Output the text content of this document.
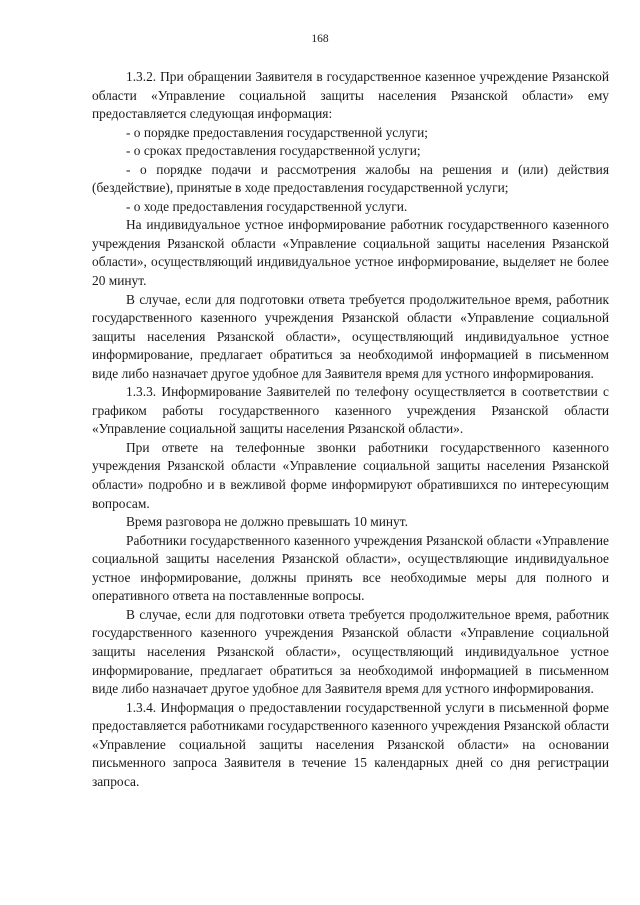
168

1.3.2. При обращении Заявителя в государственное казенное учреждение Рязанской области «Управление социальной защиты населения Рязанской области» ему предоставляется следующая информация:

- о порядке предоставления государственной услуги;

- о сроках предоставления государственной услуги;

- о порядке подачи и рассмотрения жалобы на решения и (или) действия (бездействие), принятые в ходе предоставления государственной услуги;

- о ходе предоставления государственной услуги.

На индивидуальное устное информирование работник государственного казенного учреждения Рязанской области «Управление социальной защиты населения Рязанской области», осуществляющий индивидуальное устное информирование, выделяет не более 20 минут.

В случае, если для подготовки ответа требуется продолжительное время, работник государственного казенного учреждения Рязанской области «Управление социальной защиты населения Рязанской области», осуществляющий индивидуальное устное информирование, предлагает обратиться за необходимой информацией в письменном виде либо назначает другое удобное для Заявителя время для устного информирования.

1.3.3. Информирование Заявителей по телефону осуществляется в соответствии с графиком работы государственного казенного учреждения Рязанской области «Управление социальной защиты населения Рязанской области».

При ответе на телефонные звонки работники государственного казенного учреждения Рязанской области «Управление социальной защиты населения Рязанской области» подробно и в вежливой форме информируют обратившихся по интересующим вопросам.

Время разговора не должно превышать 10 минут.

Работники государственного казенного учреждения Рязанской области «Управление социальной защиты населения Рязанской области», осуществляющие индивидуальное устное информирование, должны принять все необходимые меры для полного и оперативного ответа на поставленные вопросы.

В случае, если для подготовки ответа требуется продолжительное время, работник государственного казенного учреждения Рязанской области «Управление социальной защиты населения Рязанской области», осуществляющий индивидуальное устное информирование, предлагает обратиться за необходимой информацией в письменном виде либо назначает другое удобное для Заявителя время для устного информирования.

1.3.4. Информация о предоставлении государственной услуги в письменной форме предоставляется работниками государственного казенного учреждения Рязанской области «Управление социальной защиты населения Рязанской области» на основании письменного запроса Заявителя в течение 15 календарных дней со дня регистрации запроса.
